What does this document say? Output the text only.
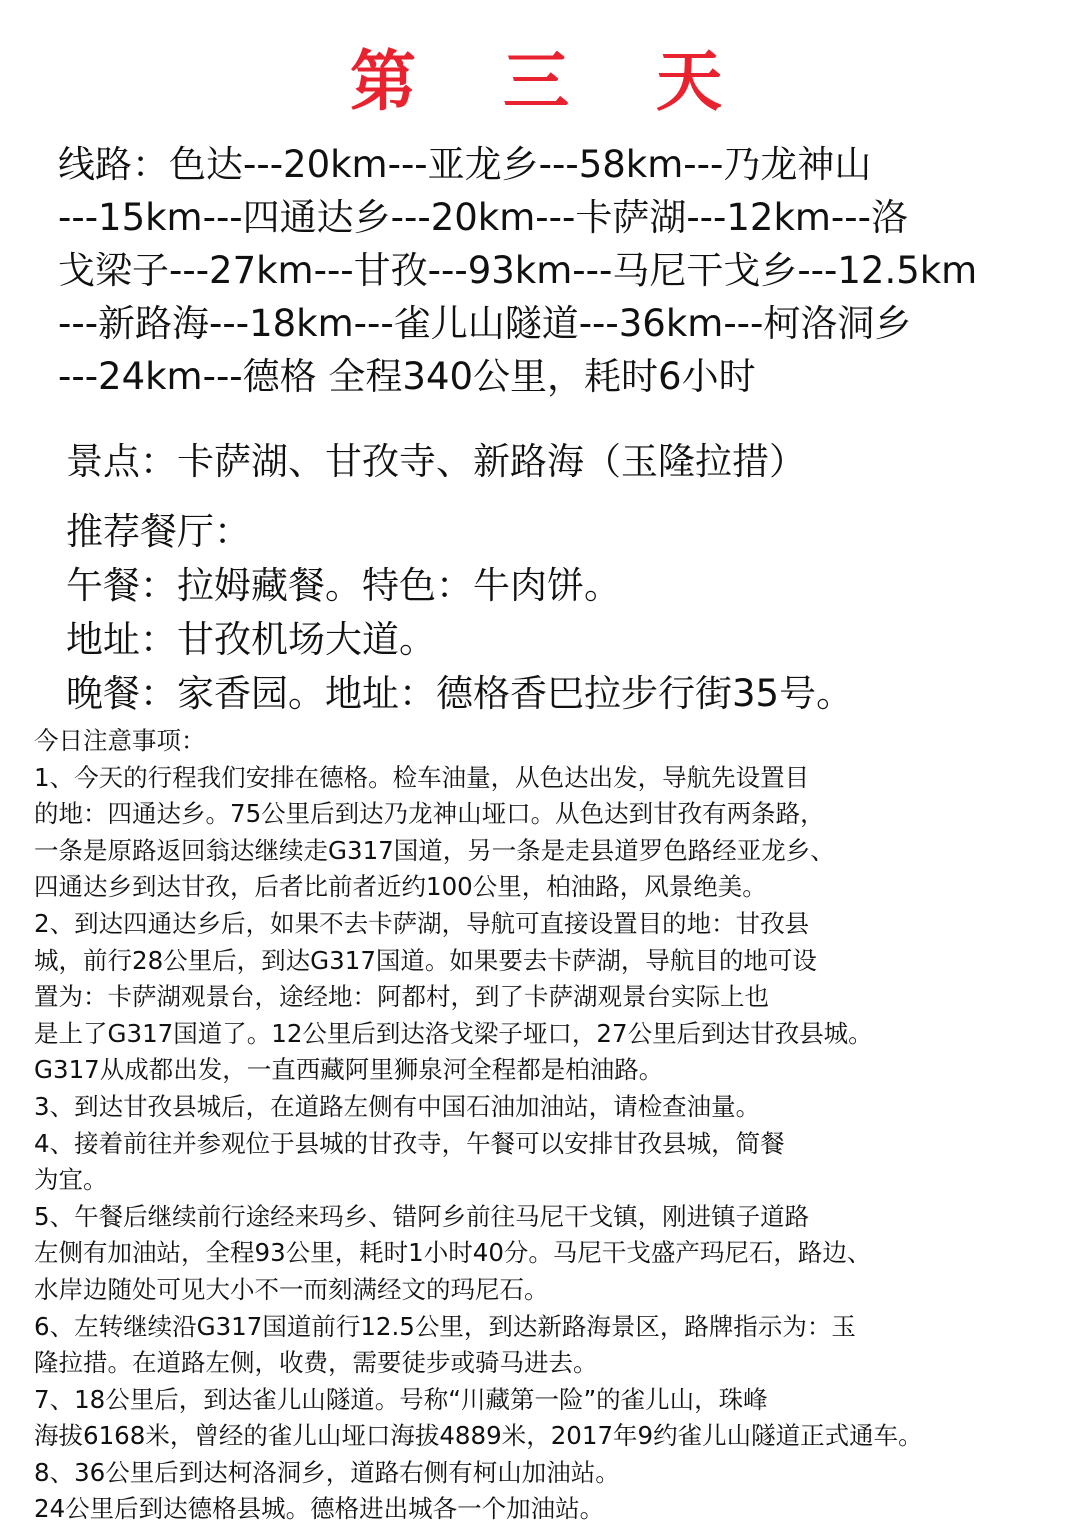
第 三 天
线路：色达---20km---亚龙乡---58km---乃龙神山
---15km---四通达乡---20km---卡萨湖---12km---洛
戈梁子---27km---甘孜---93km---马尼干戈乡---12.5km
---新路海---18km---雀儿山隧道---36km---柯洛洞乡
---24km---德格 全程340公里，耗时6小时
景点：卡萨湖、甘孜寺、新路海（玉隆拉措）
推荐餐厅：
午餐：拉姆藏餐。特色：牛肉饼。
地址：甘孜机场大道。
晚餐：家香园。地址：德格香巴拉步行街35号。
今日注意事项：
1、今天的行程我们安排在德格。检车油量，从色达出发，导航先设置目
的地：四通达乡。75公里后到达乃龙神山垭口。从色达到甘孜有两条路，
一条是原路返回翁达继续走G317国道，另一条是走县道罗色路经亚龙乡、
四通达乡到达甘孜，后者比前者近约100公里，柏油路，风景绝美。
2、到达四通达乡后，如果不去卡萨湖，导航可直接设置目的地：甘孜县
城，前行28公里后，到达G317国道。如果要去卡萨湖，导航目的地可设
置为：卡萨湖观景台，途经地：阿都村，到了卡萨湖观景台实际上也
是上了G317国道了。12公里后到达洛戈梁子垭口，27公里后到达甘孜县城。
G317从成都出发，一直西藏阿里狮泉河全程都是柏油路。
3、到达甘孜县城后，在道路左侧有中国石油加油站，请检查油量。
4、接着前往并参观位于县城的甘孜寺，午餐可以安排甘孜县城，简餐
为宜。
5、午餐后继续前行途经来玛乡、错阿乡前往马尼干戈镇，刚进镇子道路
左侧有加油站，全程93公里，耗时1小时40分。马尼干戈盛产玛尼石，路边、
水岸边随处可见大小不一而刻满经文的玛尼石。
6、左转继续沿G317国道前行12.5公里，到达新路海景区，路牌指示为：玉
隆拉措。在道路左侧，收费，需要徒步或骑马进去。
7、18公里后，到达雀儿山隧道。号称“川藏第一险”的雀儿山，珠峰
海拔6168米，曾经的雀儿山垭口海拔4889米，2017年9约雀儿山隧道正式通车。
8、36公里后到达柯洛洞乡，道路右侧有柯山加油站。
24公里后到达德格县城。德格进出城各一个加油站。
